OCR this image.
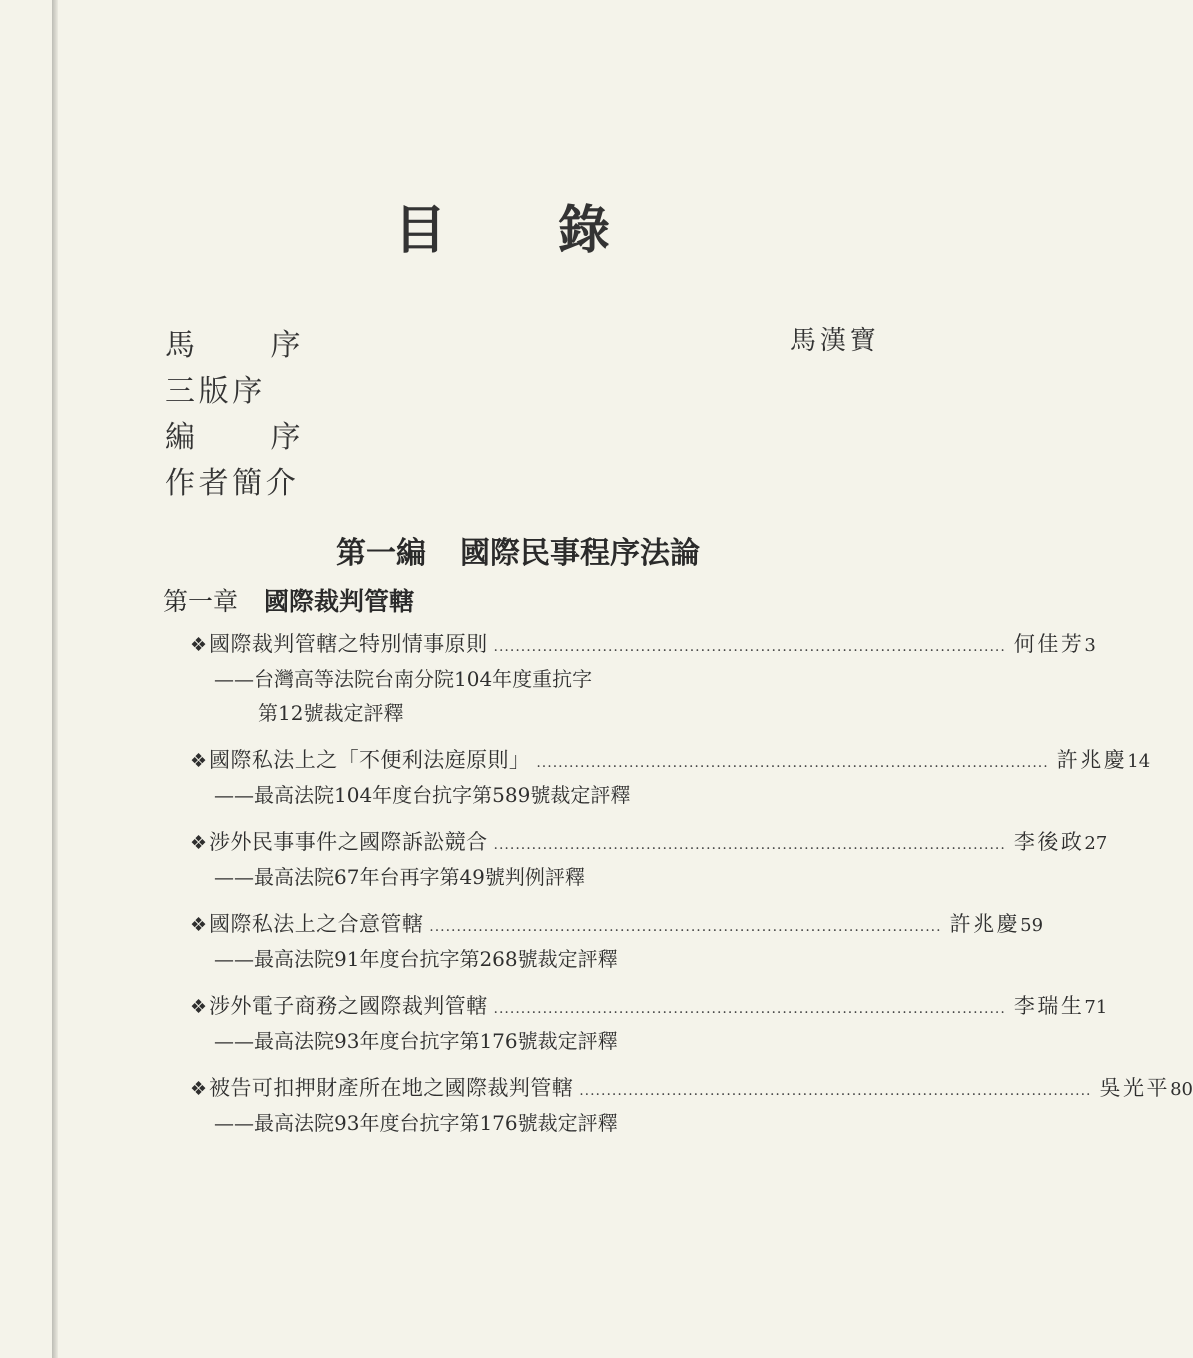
目 錄
馬 序	馬漢寶
三版序
編 序
作者簡介
第一編 國際民事程序法論
第一章 國際裁判管轄
❖ 國際裁判管轄之特別情事原則 .............................................................................................. 何佳芳 3
——台灣高等法院台南分院104年度重抗字
第12號裁定評釋
❖ 國際私法上之「不便利法庭原則」 .............................................................................................. 許兆慶 14
——最高法院104年度台抗字第589號裁定評釋
❖ 涉外民事事件之國際訴訟競合 .............................................................................................. 李後政 27
——最高法院67年台再字第49號判例評釋
❖ 國際私法上之合意管轄 .............................................................................................. 許兆慶 59
——最高法院91年度台抗字第268號裁定評釋
❖ 涉外電子商務之國際裁判管轄 .............................................................................................. 李瑞生 71
——最高法院93年度台抗字第176號裁定評釋
❖ 被告可扣押財產所在地之國際裁判管轄 .............................................................................................. 吳光平 80
——最高法院93年度台抗字第176號裁定評釋
